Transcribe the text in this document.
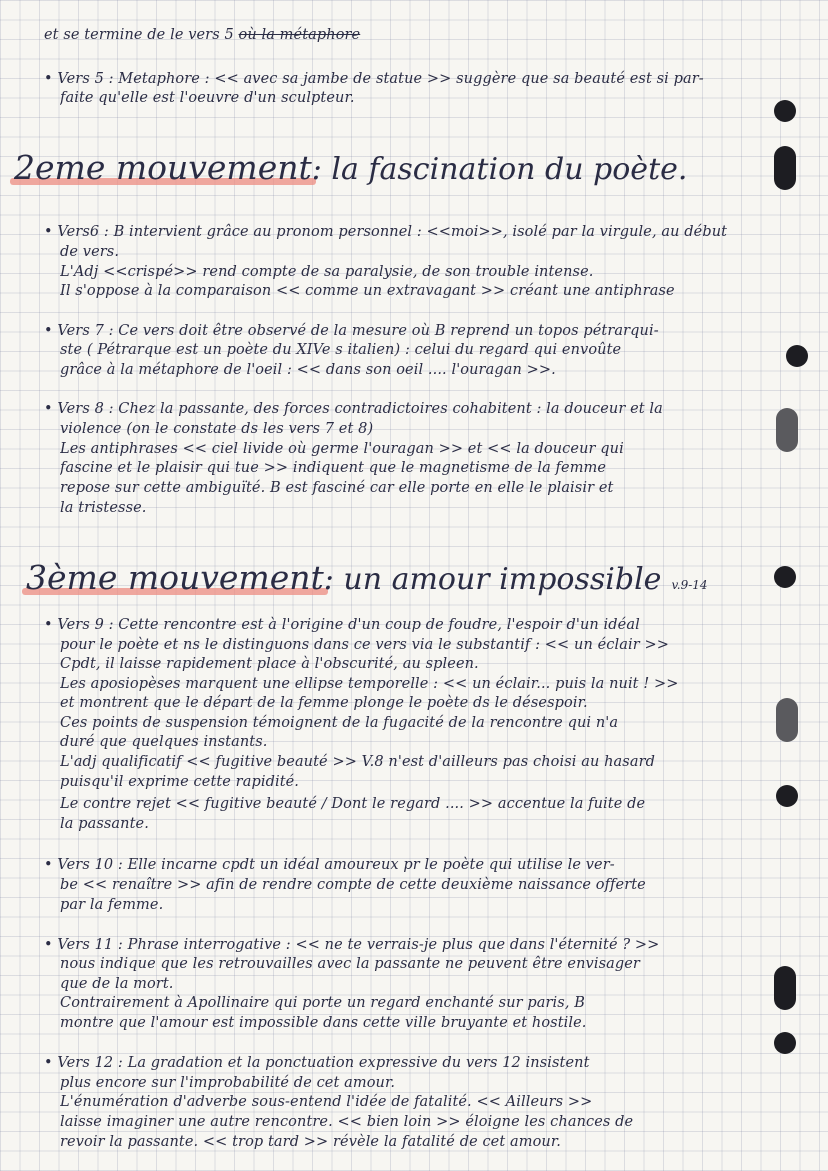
et se termine de le vers 5 où la métaphore
• Vers 5 : Metaphore : << avec sa jambe de statue >> suggère que sa beauté est si par-
faite qu'elle est l'oeuvre d'un sculpteur.
2eme mouvement: la fascination du poète.
• Vers6 : B intervient grâce au pronom personnel : <<moi>>, isolé par la virgule, au début
de vers.
L'Adj <<crispé>> rend compte de sa paralysie, de son trouble intense.
Il s'oppose à la comparaison << comme un extravagant >> créant une antiphrase
• Vers 7 : Ce vers doit être observé de la mesure où B reprend un topos pétrarqui-
ste ( Pétrarque est un poète du XIVe s italien) : celui du regard qui envoûte
grâce à la métaphore de l'oeil : << dans son oeil .... l'ouragan >>.
• Vers 8 : Chez la passante, des forces contradictoires cohabitent : la douceur et la
violence (on le constate ds les vers 7 et 8)
Les antiphrases << ciel livide où germe l'ouragan >> et << la douceur qui
fascine et le plaisir qui tue >> indiquent que le magnetisme de la femme
repose sur cette ambiguïté. B est fasciné car elle porte en elle le plaisir et
la tristesse.
3ème mouvement: un amour impossible v.9-14
• Vers 9 : Cette rencontre est à l'origine d'un coup de foudre, l'espoir d'un idéal
pour le poète et ns le distinguons dans ce vers via le substantif : << un éclair >>
Cpdt, il laisse rapidement place à l'obscurité, au spleen.
Les aposiopèses marquent une ellipse temporelle : << un éclair... puis la nuit ! >>
et montrent que le départ de la femme plonge le poète ds le désespoir.
Ces points de suspension témoignent de la fugacité de la rencontre qui n'a
duré que quelques instants.
L'adj qualificatif << fugitive beauté >> V.8 n'est d'ailleurs pas choisi au hasard
puisqu'il exprime cette rapidité.
Le contre rejet << fugitive beauté / Dont le regard .... >> accentue la fuite de
la passante.
• Vers 10 : Elle incarne cpdt un idéal amoureux pr le poète qui utilise le ver-
be << renaître >> afin de rendre compte de cette deuxième naissance offerte
par la femme.
• Vers 11 : Phrase interrogative : << ne te verrais-je plus que dans l'éternité ? >>
nous indique que les retrouvailles avec la passante ne peuvent être envisager
que de la mort.
Contrairement à Apollinaire qui porte un regard enchanté sur paris, B
montre que l'amour est impossible dans cette ville bruyante et hostile.
• Vers 12 : La gradation et la ponctuation expressive du vers 12 insistent
plus encore sur l'improbabilité de cet amour.
L'énumération d'adverbe sous-entend l'idée de fatalité. << Ailleurs >>
laisse imaginer une autre rencontre. << bien loin >> éloigne les chances de
revoir la passante. << trop tard >> révèle la fatalité de cet amour.
